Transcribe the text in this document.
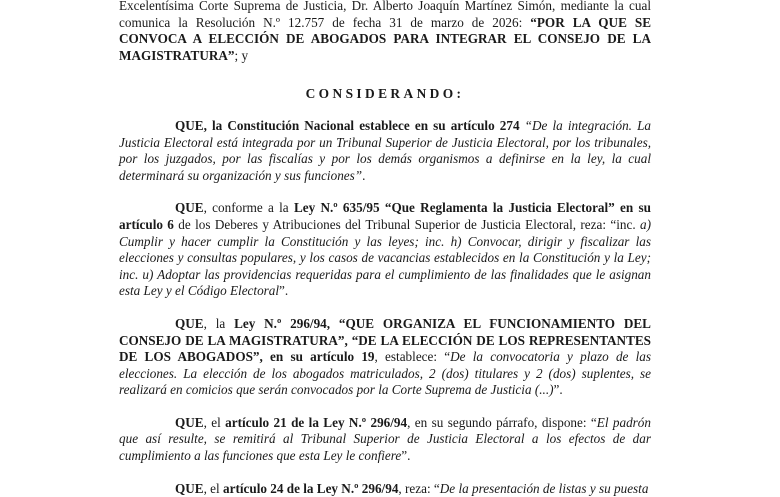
Excelentísima Corte Suprema de Justicia, Dr. Alberto Joaquín Martínez Simón, mediante la cual comunica la Resolución N.º 12.757 de fecha 31 de marzo de 2026: “POR LA QUE SE CONVOCA A ELECCIÓN DE ABOGADOS PARA INTEGRAR EL CONSEJO DE LA MAGISTRATURA”; y

CONSIDERANDO:

QUE, la Constitución Nacional establece en su artículo 274 “De la integración. La Justicia Electoral está integrada por un Tribunal Superior de Justicia Electoral, por los tribunales, por los juzgados, por las fiscalías y por los demás organismos a definirse en la ley, la cual determinará su organización y sus funciones”.

QUE, conforme a la Ley N.º 635/95 “Que Reglamenta la Justicia Electoral” en su artículo 6 de los Deberes y Atribuciones del Tribunal Superior de Justicia Electoral, reza: “inc. a) Cumplir y hacer cumplir la Constitución y las leyes; inc. h) Convocar, dirigir y fiscalizar las elecciones y consultas populares, y los casos de vacancias establecidos en la Constitución y la Ley; inc. u) Adoptar las providencias requeridas para el cumplimiento de las finalidades que le asignan esta Ley y el Código Electoral”.

QUE, la Ley N.º 296/94, “QUE ORGANIZA EL FUNCIONAMIENTO DEL CONSEJO DE LA MAGISTRATURA”, “DE LA ELECCIÓN DE LOS REPRESENTANTES DE LOS ABOGADOS”, en su artículo 19, establece: “De la convocatoria y plazo de las elecciones. La elección de los abogados matriculados, 2 (dos) titulares y 2 (dos) suplentes, se realizará en comicios que serán convocados por la Corte Suprema de Justicia (...)”.

QUE, el artículo 21 de la Ley N.º 296/94, en su segundo párrafo, dispone: “El padrón que así resulte, se remitirá al Tribunal Superior de Justicia Electoral a los efectos de dar cumplimiento a las funciones que esta Ley le confiere”.

QUE, el artículo 24 de la Ley N.º 296/94, reza: “De la presentación de listas y su puesta
